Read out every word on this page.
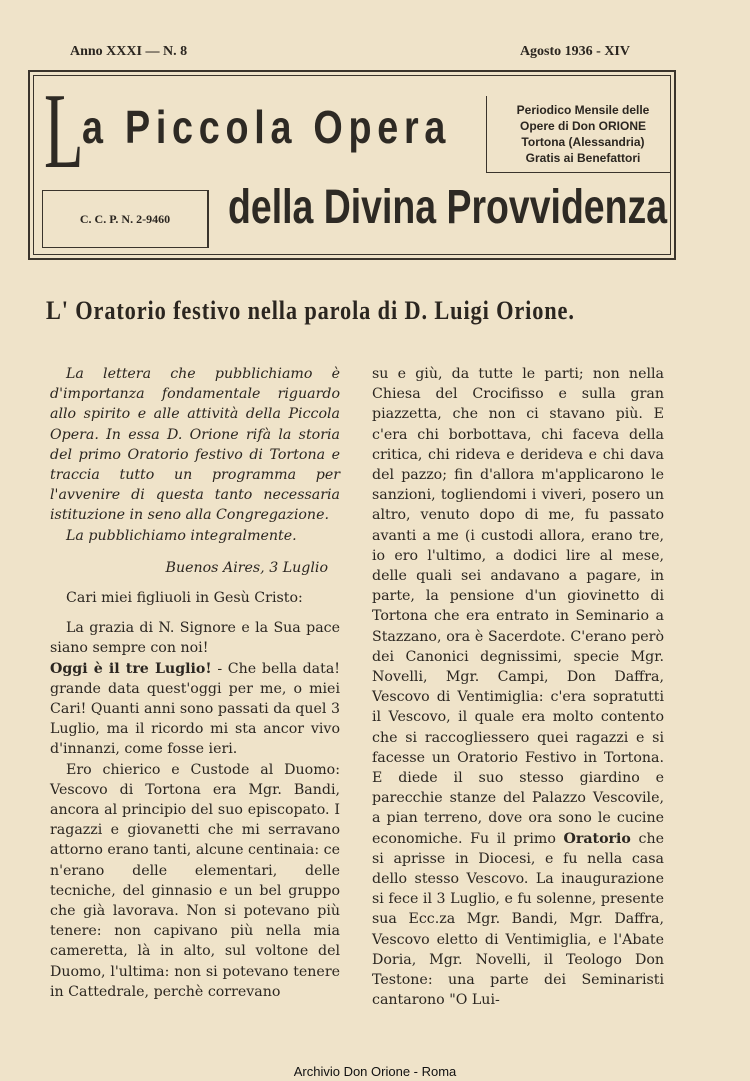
Anno XXXI — N. 8	Agosto 1936 - XIV
L
a Piccola Opera	Periodico Mensile delle
Opere di Don ORIONE
Tortona (Alessandria)
Gratis ai Benefattori
C. C. P. N. 2-9460	della Divina Provvidenza
L' Oratorio festivo nella parola di D. Luigi Orione.

La lettera che pubblichiamo è d'importanza fondamentale riguardo allo spirito e alle attività della Piccola Opera. In essa D. Orione rifà la storia del primo Oratorio festivo di Tortona e traccia tutto un programma per l'avvenire di questa tanto necessaria istituzione in seno alla Congregazione.

La pubblichiamo integralmente.

Buenos Aires, 3 Luglio

Cari miei figliuoli in Gesù Cristo:

La grazia di N. Signore e la Sua pace siano sempre con noi!

Oggi è il tre Luglio! - Che bella data! grande data quest'oggi per me, o miei Cari! Quanti anni sono passati da quel 3 Luglio, ma il ricordo mi sta ancor vivo d'innanzi, come fosse ieri.

Ero chierico e Custode al Duomo: Vescovo di Tortona era Mgr. Bandi, ancora al principio del suo episcopato. I ragazzi e giovanetti che mi serravano attorno erano tanti, alcune centinaia: ce n'erano delle elementari, delle tecniche, del ginnasio e un bel gruppo che già lavorava. Non si potevano più tenere: non capivano più nella mia cameretta, là in alto, sul voltone del Duomo, l'ultima: non si potevano tenere in Cattedrale, perchè correvano

su e giù, da tutte le parti; non nella Chiesa del Crocifisso e sulla gran piazzetta, che non ci stavano più. E c'era chi borbottava, chi faceva della critica, chi rideva e derideva e chi dava del pazzo; fin d'allora m'applicarono le sanzioni, togliendomi i viveri, posero un altro, venuto dopo di me, fu passato avanti a me (i custodi allora, erano tre, io ero l'ultimo, a dodici lire al mese, delle quali sei andavano a pagare, in parte, la pensione d'un giovinetto di Tortona che era entrato in Seminario a Stazzano, ora è Sacerdote. C'erano però dei Canonici degnissimi, specie Mgr. Novelli, Mgr. Campi, Don Daffra, Vescovo di Ventimiglia: c'era sopratutti il Vescovo, il quale era molto contento che si raccogliessero quei ragazzi e si facesse un Oratorio Festivo in Tortona. E diede il suo stesso giardino e parecchie stanze del Palazzo Vescovile, a pian terreno, dove ora sono le cucine economiche. Fu il primo Oratorio che si aprisse in Diocesi, e fu nella casa dello stesso Vescovo. La inaugurazione si fece il 3 Luglio, e fu solenne, presente sua Ecc.za Mgr. Bandi, Mgr. Daffra, Vescovo eletto di Ventimiglia, e l'Abate Doria, Mgr. Novelli, il Teologo Don Testone: una parte dei Seminaristi cantarono "O Lui-

Archivio Don Orione - Roma
